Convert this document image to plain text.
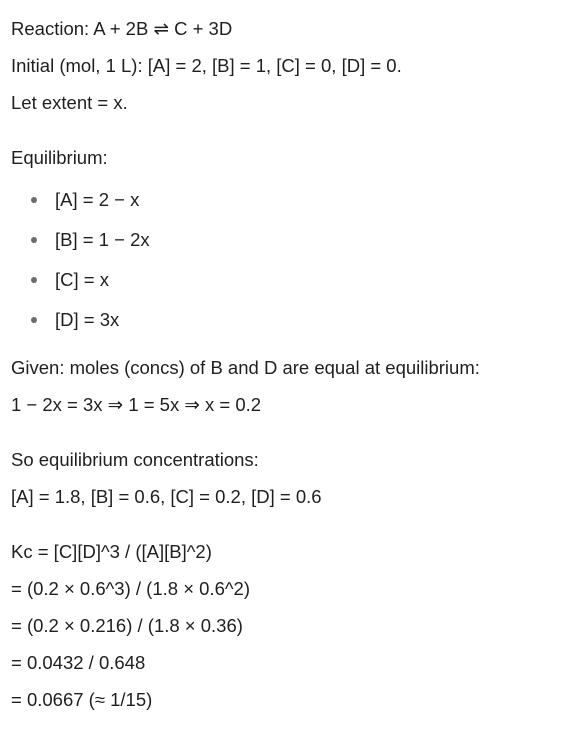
Reaction: A + 2B ⇌ C + 3D
Initial (mol, 1 L): [A] = 2, [B] = 1, [C] = 0, [D] = 0.
Let extent = x.
Equilibrium:
[A] = 2 − x
[B] = 1 − 2x
[C] = x
[D] = 3x
Given: moles (concs) of B and D are equal at equilibrium:
1 − 2x = 3x ⇒ 1 = 5x ⇒ x = 0.2
So equilibrium concentrations:
[A] = 1.8, [B] = 0.6, [C] = 0.2, [D] = 0.6
Kc = [C][D]^3 / ([A][B]^2)
= (0.2 × 0.6^3) / (1.8 × 0.6^2)
= (0.2 × 0.216) / (1.8 × 0.36)
= 0.0432 / 0.648
= 0.0667 (≈ 1/15)
